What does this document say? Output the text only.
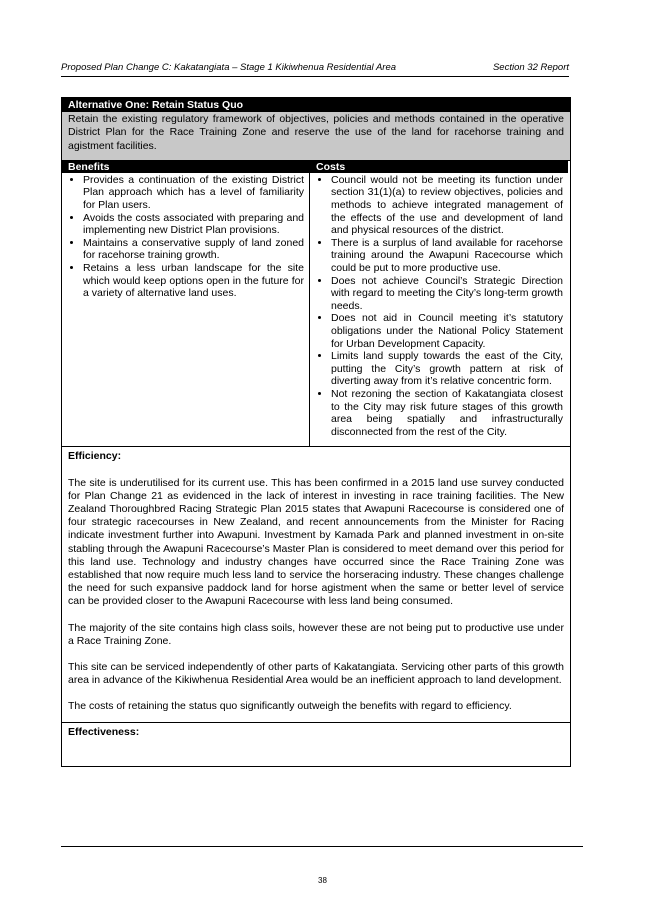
Proposed Plan Change C: Kakatangiata – Stage 1 Kikiwhenua Residential Area	Section 32 Report
Alternative One: Retain Status Quo
Retain the existing regulatory framework of objectives, policies and methods contained in the operative District Plan for the Race Training Zone and reserve the use of the land for racehorse training and agistment facilities.
Benefits
• Provides a continuation of the existing District Plan approach which has a level of familiarity for Plan users.
• Avoids the costs associated with preparing and implementing new District Plan provisions.
• Maintains a conservative supply of land zoned for racehorse training growth.
• Retains a less urban landscape for the site which would keep options open in the future for a variety of alternative land uses.
Costs
• Council would not be meeting its function under section 31(1)(a) to review objectives, policies and methods to achieve integrated management of the effects of the use and development of land and physical resources of the district.
• There is a surplus of land available for racehorse training around the Awapuni Racecourse which could be put to more productive use.
• Does not achieve Council’s Strategic Direction with regard to meeting the City’s long-term growth needs.
• Does not aid in Council meeting it’s statutory obligations under the National Policy Statement for Urban Development Capacity.
• Limits land supply towards the east of the City, putting the City’s growth pattern at risk of diverting away from it’s relative concentric form.
• Not rezoning the section of Kakatangiata closest to the City may risk future stages of this growth area being spatially and infrastructurally disconnected from the rest of the City.
Efficiency:

The site is underutilised for its current use. This has been confirmed in a 2015 land use survey conducted for Plan Change 21 as evidenced in the lack of interest in investing in race training facilities. The New Zealand Thoroughbred Racing Strategic Plan 2015 states that Awapuni Racecourse is considered one of four strategic racecourses in New Zealand, and recent announcements from the Minister for Racing indicate investment further into Awapuni. Investment by Kamada Park and planned investment in on-site stabling through the Awapuni Racecourse’s Master Plan is considered to meet demand over this period for this land use. Technology and industry changes have occurred since the Race Training Zone was established that now require much less land to service the horseracing industry. These changes challenge the need for such expansive paddock land for horse agistment when the same or better level of service can be provided closer to the Awapuni Racecourse with less land being consumed.

The majority of the site contains high class soils, however these are not being put to productive use under a Race Training Zone.

This site can be serviced independently of other parts of Kakatangiata. Servicing other parts of this growth area in advance of the Kikiwhenua Residential Area would be an inefficient approach to land development.

The costs of retaining the status quo significantly outweigh the benefits with regard to efficiency.

Effectiveness:
38
